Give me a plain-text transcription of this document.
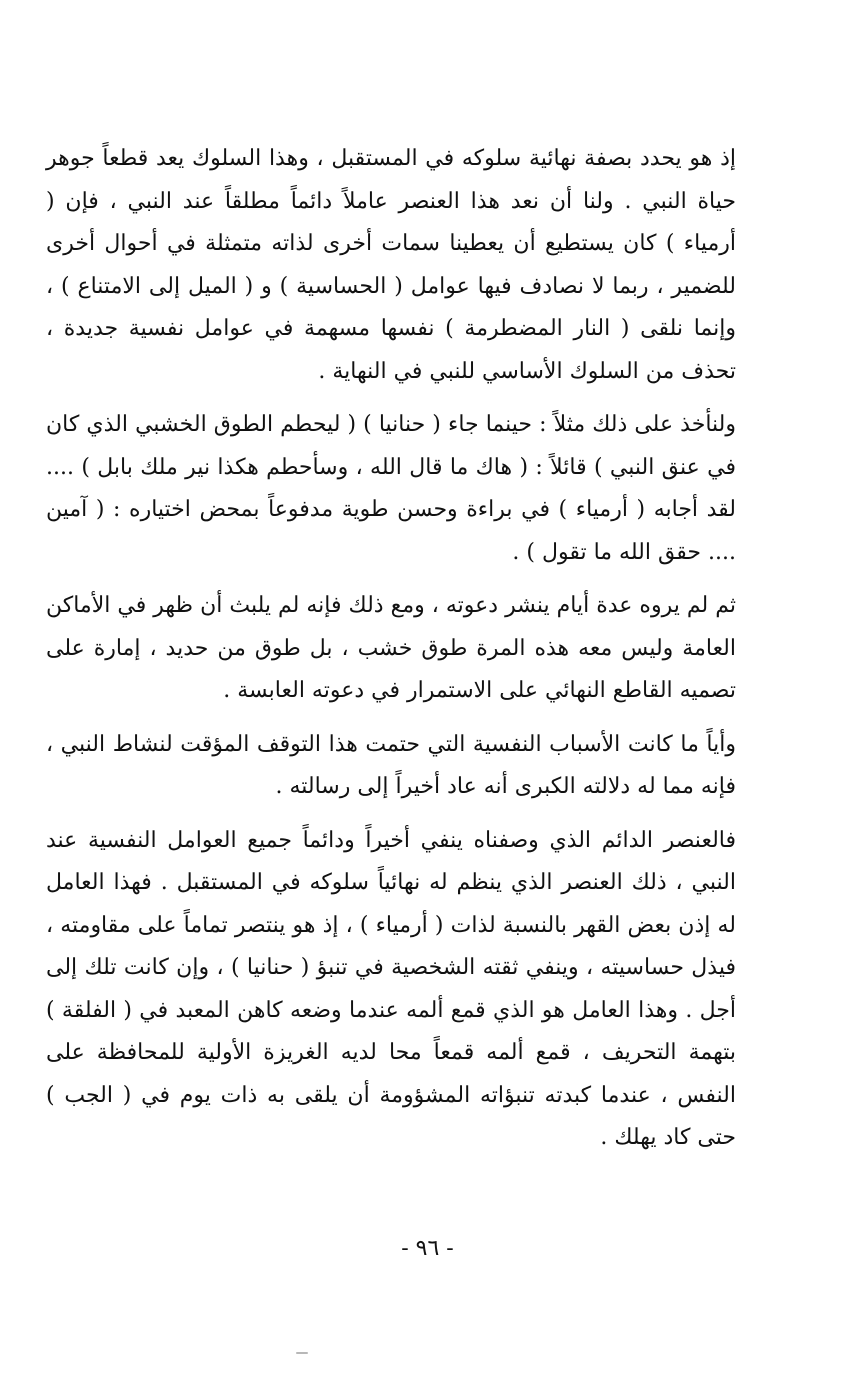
إذ هو يحدد بصفة نهائية سلوكه في المستقبل ، وهذا السلوك يعد قطعاً جوهر حياة النبي . ولنا أن نعد هذا العنصر عاملاً دائماً مطلقاً عند النبي ، فإن ( أرمياء ) كان يستطيع أن يعطينا سمات أخرى لذاته متمثلة في أحوال أخرى للضمير ، ربما لا نصادف فيها عوامل ( الحساسية ) و ( الميل إلى الامتناع ) ، وإنما نلقى ( النار المضطرمة ) نفسها مسهمة في عوامل نفسية جديدة ، تحذف من السلوك الأساسي للنبي في النهاية .

ولنأخذ على ذلك مثلاً : حينما جاء ( حنانيا ) ( ليحطم الطوق الخشبي الذي كان في عنق النبي ) قائلاً : ( هاك ما قال الله ، وسأحطم هكذا نير ملك بابل ) .... لقد أجابه ( أرمياء ) في براءة وحسن طوية مدفوعاً بمحض اختياره : ( آمين .... حقق الله ما تقول ) .

ثم لم يروه عدة أيام ينشر دعوته ، ومع ذلك فإنه لم يلبث أن ظهر في الأماكن العامة وليس معه هذه المرة طوق خشب ، بل طوق من حديد ، إمارة على تصميه القاطع النهائي على الاستمرار في دعوته العابسة .

وأياً ما كانت الأسباب النفسية التي حتمت هذا التوقف المؤقت لنشاط النبي ، فإنه مما له دلالته الكبرى أنه عاد أخيراً إلى رسالته .

فالعنصر الدائم الذي وصفناه ينفي أخيراً ودائماً جميع العوامل النفسية عند النبي ، ذلك العنصر الذي ينظم له نهائياً سلوكه في المستقبل . فهذا العامل له إذن بعض القهر بالنسبة لذات ( أرمياء ) ، إذ هو ينتصر تماماً على مقاومته ، فيذل حساسيته ، وينفي ثقته الشخصية في تنبؤ ( حنانيا ) ، وإن كانت تلك إلى أجل . وهذا العامل هو الذي قمع ألمه عندما وضعه كاهن المعبد في ( الفلقة ) بتهمة التحريف ، قمع ألمه قمعاً محا لديه الغريزة الأولية للمحافظة على النفس ، عندما كبدته تنبؤاته المشؤومة أن يلقى به ذات يوم في ( الجب ) حتى كاد يهلك .

- ٩٦ -
